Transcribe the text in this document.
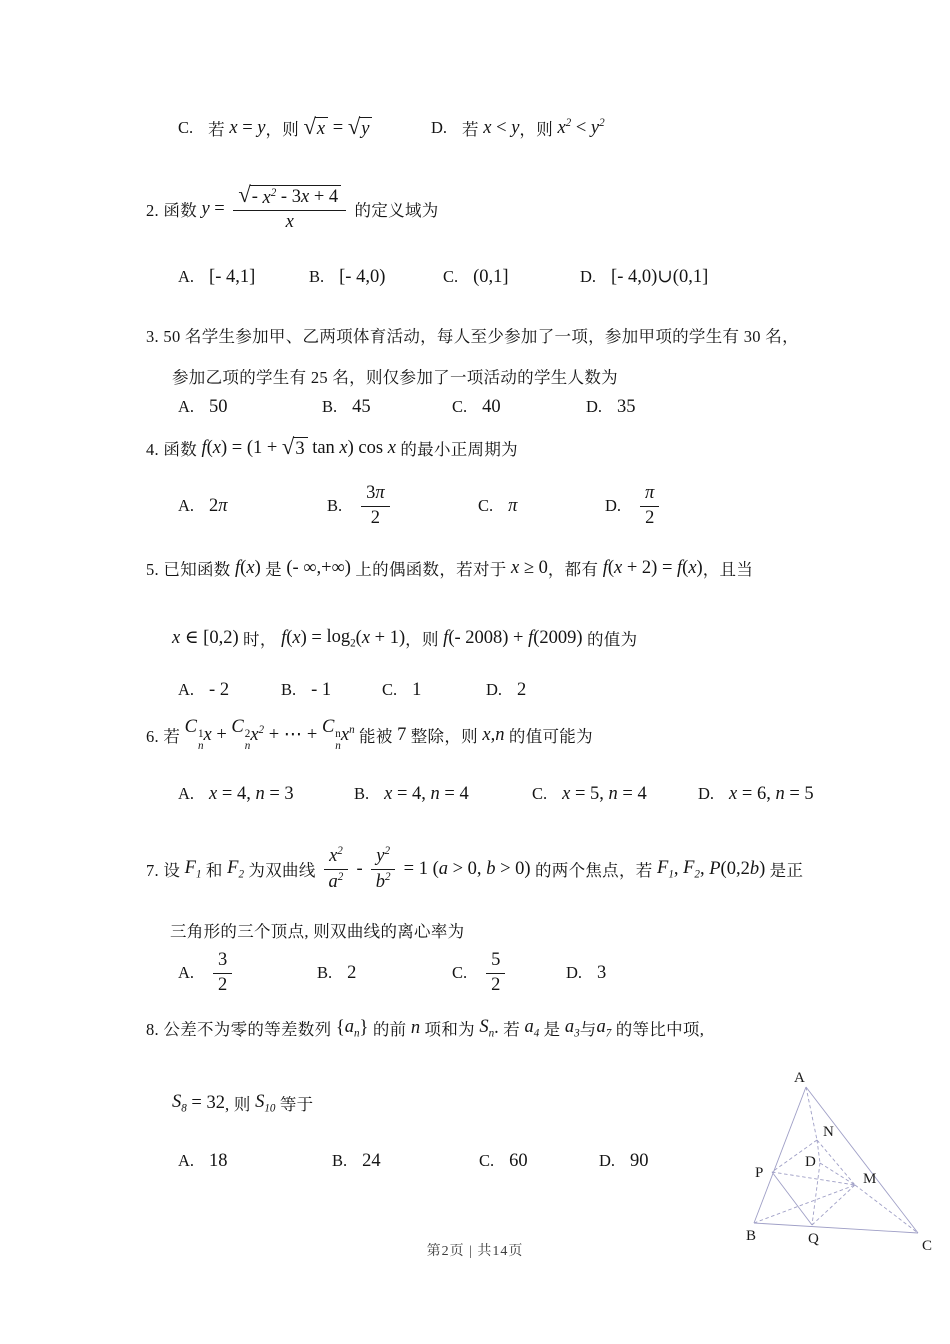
C. 若 x = y ，则 √ x = √ y	D. 若 x < y ，则 $x^2 < y^2$
2. 函数 $y = \frac{√ - x^2 - 3 x + 4}{x}$ 的定义域为
A. [- 4,1]	B. [- 4,0)	C. (0,1]	D. [- 4,0)∪(0,1]
3. 50 名学生参加甲、乙两项体育活动，每人至少参加了一项，参加甲项的学生有 30 名，
参加乙项的学生有 25 名，则仅参加了一项活动的学生人数为
A. 50	B. 45	C. 40	D. 35
4. 函数 f ( x ) = (1 + √ 3 tan x ) cos x 的最小正周期为
A. 2 π	B. $\frac{3 \pi}{2}$	C. π	D. $\frac{\pi}{2}$
5. 已知函数 f ( x ) 是 (- ∞,+∞) 上的偶函数，若对于 x ≥ 0 ，都有 f ( x + 2) = f ( x ) ，且当
x ∈ [0,2) 时， f ( x ) = $\log_2$ ( x + 1) ，则 f (- 2008) + f (2009) 的值为
A. - 2	B. - 1	C. 1	D. 2
6. 若 C 1
n
x + C 2
n
$x^2$ + ⋯ + C n
n
$x^n$ 能被 7 整除，则 x , n 的值可能为
A. x = 4, n = 3	B. x = 4, n = 4	C. x = 5, n = 4	D. x = 6, n = 5
7. 设 $F_1$ 和 $F_2$ 为双曲线 $\frac{x^2}{a^2} - \frac{y^2}{b^2} = 1$ ( a > 0, b > 0) 的两个焦点，若 $F_1$ , $F_2$ , P (0,2 b ) 是正
三角形的三个顶点, 则双曲线的离心率为
A. $\frac{3}{2}$	B. 2	C. $\frac{5}{2}$	D. 3
8. 公差不为零的等差数列 { $a_n$ } 的前 n 项和为 $S_n$ . 若 $a_4$ 是 $a_3$ 与 $a_7$ 的等比中项,
$S_8 = 32$ , 则 $S_{10}$ 等于
A. 18	B. 24	C. 60	D. 90
A
B
C
P
Q
N
D
M
第2页 | 共14页
